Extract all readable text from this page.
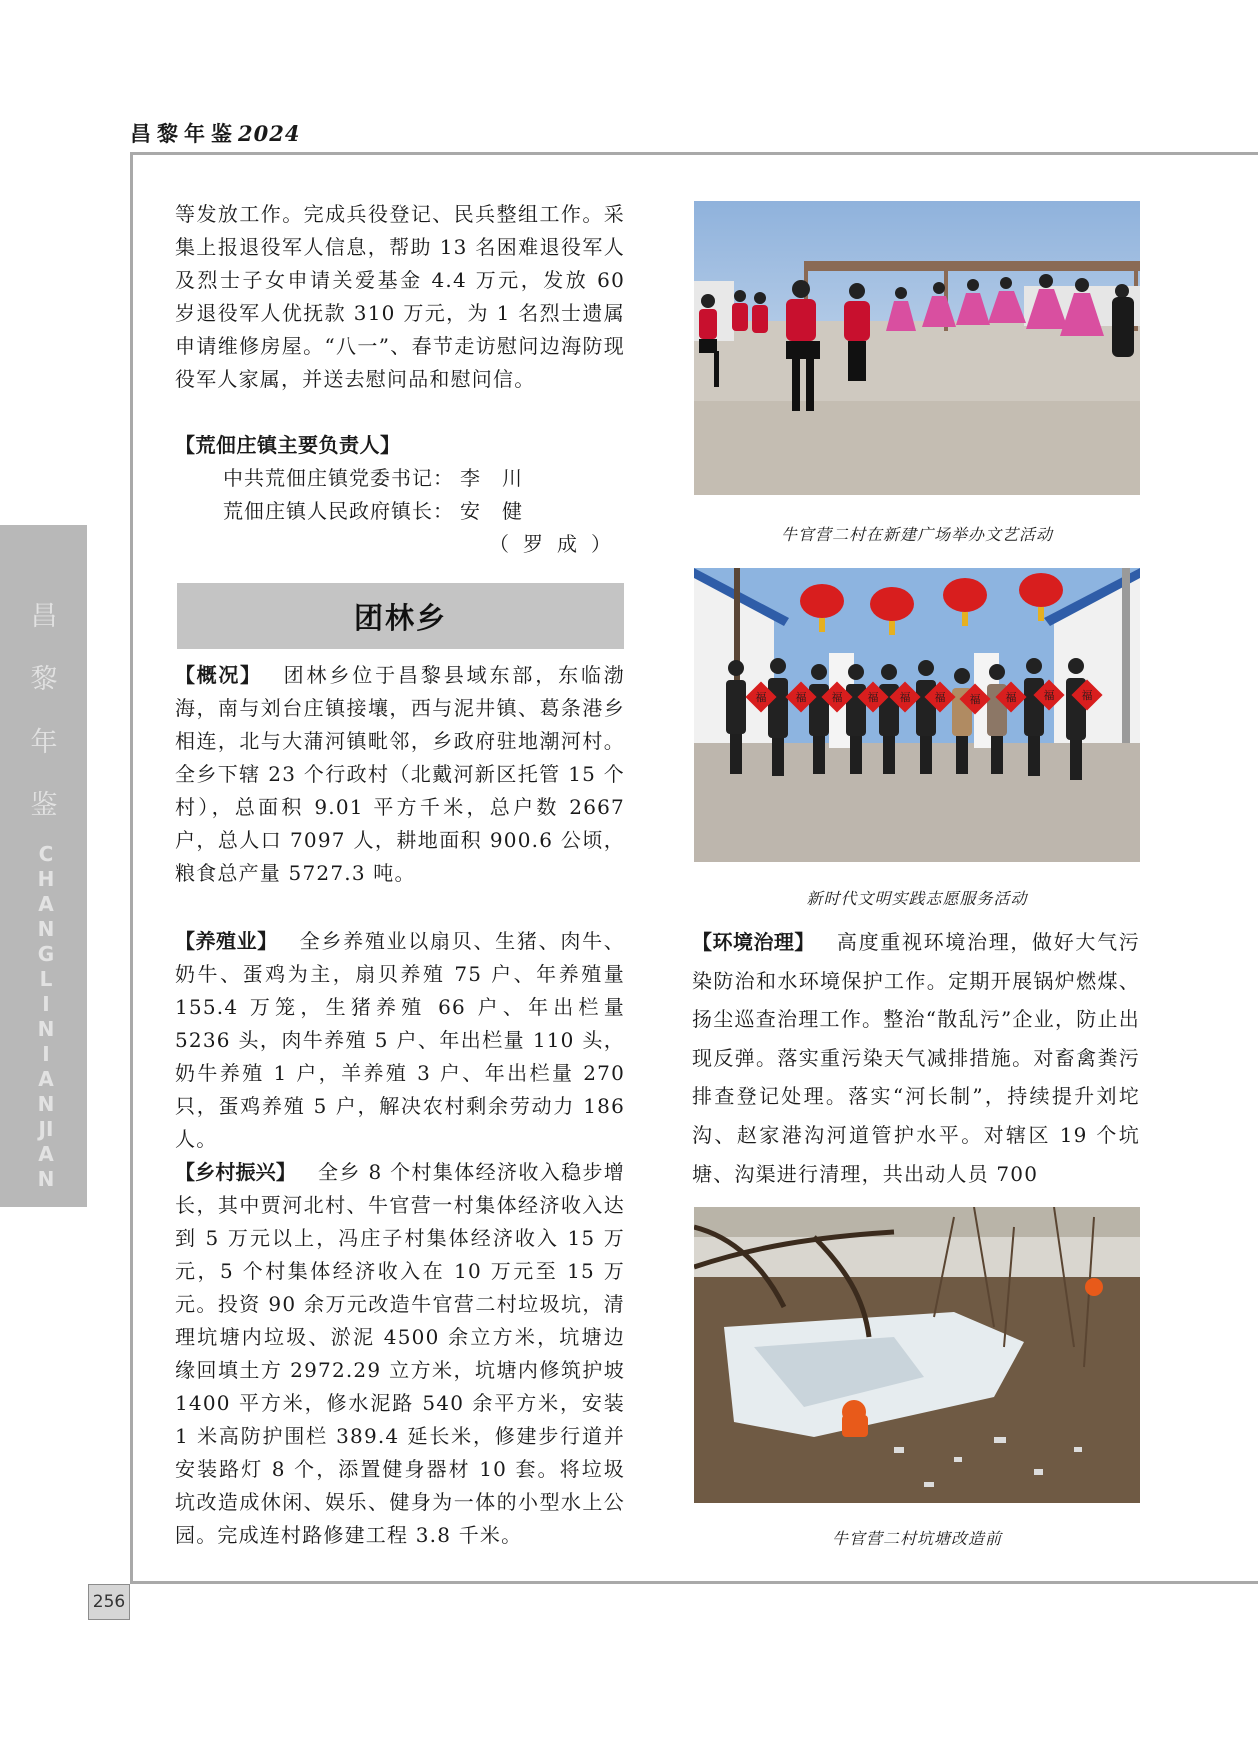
昌黎年鉴2024
256
昌黎年鉴
CHANGLINIANJIAN

等发放工作。完成兵役登记、民兵整组工作。采集上报退役军人信息，帮助 13 名困难退役军人及烈士子女申请关爱基金 4.4 万元，发放 60 岁退役军人优抚款 310 万元，为 1 名烈士遗属申请维修房屋。“八一”、春节走访慰问边海防现役军人家属，并送去慰问品和慰问信。

【荒佃庄镇主要负责人】
中共荒佃庄镇党委书记： 李川
荒佃庄镇人民政府镇长： 安健
（罗成）
团林乡

【概况】 团林乡位于昌黎县域东部，东临渤海，南与刘台庄镇接壤，西与泥井镇、葛条港乡相连，北与大蒲河镇毗邻，乡政府驻地潮河村。全乡下辖 23 个行政村（北戴河新区托管 15 个村），总面积 9.01 平方千米，总户数 2667 户，总人口 7097 人，耕地面积 900.6 公顷，粮食总产量 5727.3 吨。

【养殖业】 全乡养殖业以扇贝、生猪、肉牛、奶牛、蛋鸡为主，扇贝养殖 75 户、年养殖量 155.4 万笼，生猪养殖 66 户、年出栏量 5236 头，肉牛养殖 5 户、年出栏量 110 头，奶牛养殖 1 户，羊养殖 3 户、年出栏量 270 只，蛋鸡养殖 5 户，解决农村剩余劳动力 186 人。

【乡村振兴】 全乡 8 个村集体经济收入稳步增长，其中贾河北村、牛官营一村集体经济收入达到 5 万元以上，冯庄子村集体经济收入 15 万元，5 个村集体经济收入在 10 万元至 15 万元。投资 90 余万元改造牛官营二村垃圾坑，清理坑塘内垃圾、淤泥 4500 余立方米，坑塘边缘回填土方 2972.29 立方米，坑塘内修筑护坡 1400 平方米，修水泥路 540 余平方米，安装 1 米高防护围栏 389.4 延长米，修建步行道并安装路灯 8 个，添置健身器材 10 套。将垃圾坑改造成休闲、娱乐、健身为一体的小型水上公园。完成连村路修建工程 3.8 千米。

牛官营二村在新建广场举办文艺活动
福	福 福 福 福 福 福 福 福 福
新时代文明实践志愿服务活动

【环境治理】 高度重视环境治理，做好大气污染防治和水环境保护工作。定期开展锅炉燃煤、扬尘巡查治理工作。整治“散乱污”企业，防止出现反弹。落实重污染天气减排措施。对畜禽粪污排查登记处理。落实“河长制”，持续提升刘坨沟、赵家港沟河道管护水平。对辖区 19 个坑塘、沟渠进行清理，共出动人员 700

牛官营二村坑塘改造前
